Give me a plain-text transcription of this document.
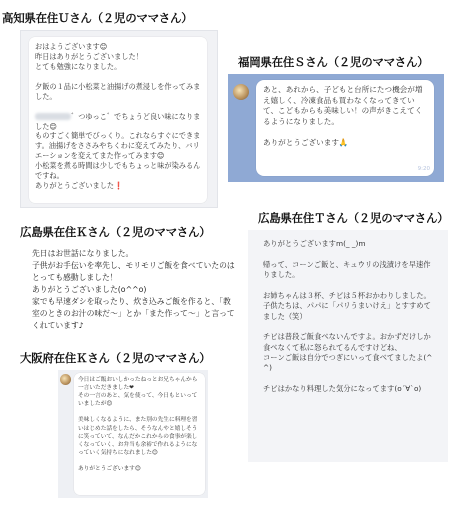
高知県在住Ｕさん（２児のママさん）
おはようございます😊
昨日はありがとうございました！
とても勉強になりました。

夕飯の１品に小松菜と油揚げの煮浸しを作ってみました。

゛つゆっこ゛でちょうど良い味になりました😊
ものすごく簡単でびっくり。これならすぐにできます。油揚げをささみやちくわに変えてみたり、バリエーションを変えてまた作ってみます😊
小松菜を煮る時間は少しでもちょっと味が染みるんですね。
ありがとうございました❗

福岡県在住Ｓさん（２児のママさん）
あと、あれから、子どもと台所にたつ機会が増え嬉しく、冷凍食品も買わなくなってきていて、こどもからも美味しい！の声がきこえてくるようになりました。

ありがとうございます🙏
9:20
広島県在住Ｋさん（２児のママさん）
先日はお世話になりました。
子供がお手伝いを率先し、モリモリご飯を食べていたのはとっても感動しました！
ありがとうございました(o^^o)
家でも早速ダシを取ったり、炊き込みご飯を作ると、「教室のときのお汁の味だ～」とか「また作って～」と言ってくれています♪
広島県在住Ｔさん（２児のママさん）
ありがとうございますm(_ _)m

帰って、コーンご飯と、キュウリの浅漬けを早速作りました。

お姉ちゃんは３杯、チビは５杯おかわりしました。
子供たちは、パパに「パリうまいけえ」とすすめてました（笑）

チビは普段ご飯食べないんですよ。おかずだけしか食べなくて私に怒られてるんですけどね、
コーンご飯は自分でつぎにいって食べてましたよ(^^)

チビはかなり料理した気分になってます(o´∀`o)
大阪府在住Ｋさん（２児のママさん）
今日はご飯おいしかったねっとお兄ちゃんから一言いただきました❤
その一言のあと、気を使って、今日もといっていましたが😊

美味しくなるように、また別の先生に料理を習いはじめた話をしたら、そうなんやと嬉しそうに笑っていて、なんだかこれからの食事が楽しくなっていく、お弁当も余裕で作れるようになっていく気持ちになれました😊

ありがとうございます😊
